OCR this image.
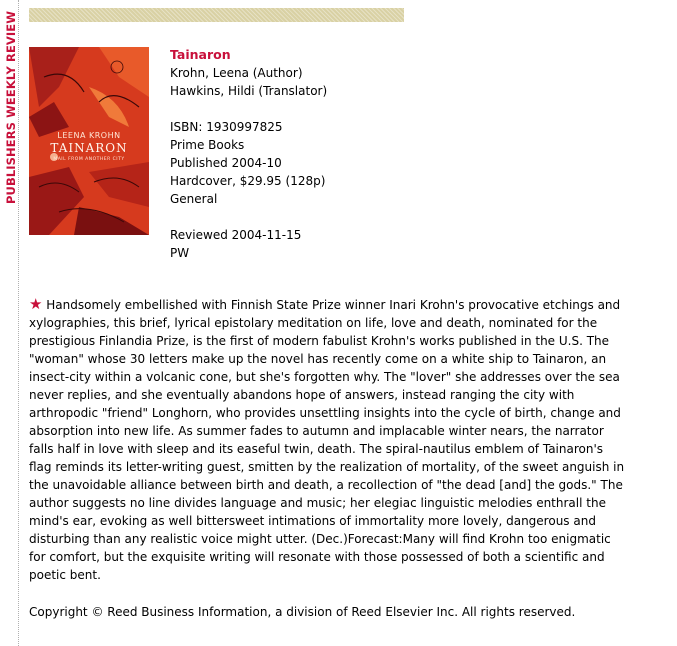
PUBLISHERS WEEKLY REVIEW	LEENA KROHN
TAINARON
MAIL FROM ANOTHER CITY
Tainaron
Krohn, Leena (Author)
Hawkins, Hildi (Translator)
ISBN: 1930997825
Prime Books
Published 2004-10
Hardcover, $29.95 (128p)
General
Reviewed 2004-11-15
PW
★ Handsomely embellished with Finnish State Prize winner Inari Krohn's provocative etchings and xylographies, this brief, lyrical epistolary meditation on life, love and death, nominated for the prestigious Finlandia Prize, is the first of modern fabulist Krohn's works published in the U.S. The "woman" whose 30 letters make up the novel has recently come on a white ship to Tainaron, an insect-city within a volcanic cone, but she's forgotten why. The "lover" she addresses over the sea never replies, and she eventually abandons hope of answers, instead ranging the city with arthropodic "friend" Longhorn, who provides unsettling insights into the cycle of birth, change and absorption into new life. As summer fades to autumn and implacable winter nears, the narrator falls half in love with sleep and its easeful twin, death. The spiral-nautilus emblem of Tainaron's flag reminds its letter-writing guest, smitten by the realization of mortality, of the sweet anguish in the unavoidable alliance between birth and death, a recollection of "the dead [and] the gods." The author suggests no line divides language and music; her elegiac linguistic melodies enthrall the mind's ear, evoking as well bittersweet intimations of immortality more lovely, dangerous and disturbing than any realistic voice might utter. (Dec.)Forecast:Many will find Krohn too enigmatic for comfort, but the exquisite writing will resonate with those possessed of both a scientific and poetic bent.
Copyright © Reed Business Information, a division of Reed Elsevier Inc. All rights reserved.
